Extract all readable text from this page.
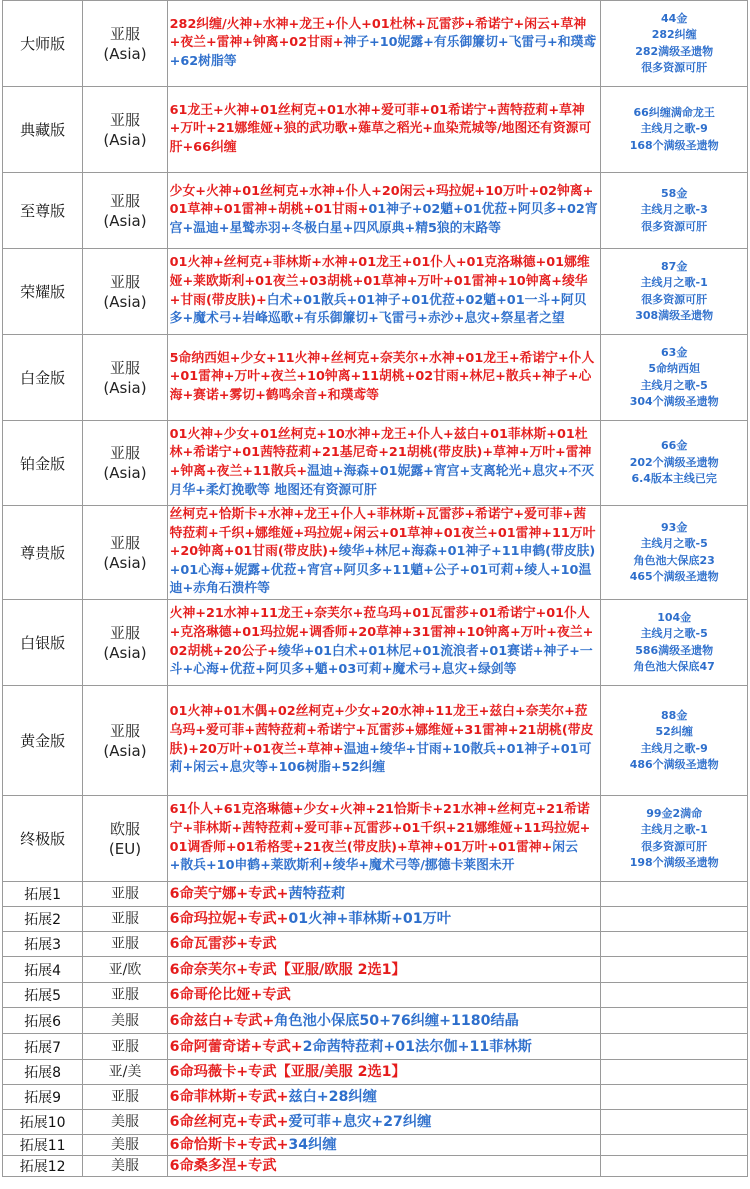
大师版	亚服
(Asia)	282纠缠/火神+水神+龙王+仆人+01杜林+瓦雷莎+希诺宁+闲云+草神+夜兰+雷神+钟离+02甘雨+神子+10妮露+有乐御簾切+飞雷弓+和璞鸢+62树脂等	44金
282纠缠
282满级圣遗物
很多资源可肝

典藏版	亚服
(Asia)	61龙王+火神+01丝柯克+01水神+爱可菲+01希诺宁+茜特菈莉+草神+万叶+21娜维娅+狼的武功歌+薙草之稻光+血染荒城等/地图还有资源可肝+66纠缠	66纠缠满命龙王
主线月之歌-9
168个满级圣遗物

至尊版	亚服
(Asia)	少女+火神+01丝柯克+水神+仆人+20闲云+玛拉妮+10万叶+02钟离+01草神+01雷神+胡桃+01甘雨+01神子+02魈+01优菈+阿贝多+02宵宫+温迪+星鹫赤羽+冬极白星+四风原典+精5狼的末路等	58金
主线月之歌-3
很多资源可肝

荣耀版	亚服
(Asia)	01火神+丝柯克+菲林斯+水神+01龙王+01仆人+01克洛琳德+01娜维娅+莱欧斯利+01夜兰+03胡桃+01草神+万叶+01雷神+10钟离+绫华+甘雨(带皮肤)+白术+01散兵+01神子+01优菈+02魈+01一斗+阿贝多+魔术弓+岩峰巡歌+有乐御簾切+飞雷弓+赤沙+息灾+祭星者之望	87金
主线月之歌-1
很多资源可肝
308满级圣遗物

白金版	亚服
(Asia)	5命纳西妲+少女+11火神+丝柯克+奈芙尔+水神+01龙王+希诺宁+仆人+01雷神+万叶+夜兰+10钟离+11胡桃+02甘雨+林尼+散兵+神子+心海+赛诺+雾切+鹤鸣余音+和璞鸢等	63金
5命纳西妲
主线月之歌-5
304个满级圣遗物

铂金版	亚服
(Asia)	01火神+少女+01丝柯克+10水神+龙王+仆人+兹白+01菲林斯+01杜林+希诺宁+01茜特菈莉+21基尼奇+21胡桃(带皮肤)+草神+万叶+雷神+钟离+夜兰+11散兵+温迪+海森+01妮露+宵宫+支离轮光+息灾+不灭月华+柔灯挽歌等 地图还有资源可肝	66金
202个满级圣遗物
6.4版本主线已完

尊贵版	亚服
(Asia)	丝柯克+恰斯卡+水神+龙王+仆人+菲林斯+瓦雷莎+希诺宁+爱可菲+茜特菈莉+千织+娜维娅+玛拉妮+闲云+01草神+01夜兰+01雷神+11万叶+20钟离+01甘雨(带皮肤)+绫华+林尼+海森+01神子+11申鹤(带皮肤)+01心海+妮露+优菈+宵宫+阿贝多+11魈+公子+01可莉+绫人+10温迪+赤角石溃杵等	93金
主线月之歌-5
角色池大保底23
465个满级圣遗物

白银版	亚服
(Asia)	火神+21水神+11龙王+奈芙尔+菈乌玛+01瓦雷莎+01希诺宁+01仆人+克洛琳德+01玛拉妮+调香师+20草神+31雷神+10钟离+万叶+夜兰+02胡桃+20公子+绫华+01白术+01林尼+01流浪者+01赛诺+神子+一斗+心海+优菈+阿贝多+魈+03可莉+魔术弓+息灾+绿剑等	104金
主线月之歌-5
586满级圣遗物
角色池大保底47

黄金版	亚服
(Asia)	01火神+01木偶+02丝柯克+少女+20水神+11龙王+兹白+奈芙尔+菈乌玛+爱可菲+茜特菈莉+希诺宁+瓦雷莎+娜维娅+31雷神+21胡桃(带皮肤)+20万叶+01夜兰+草神+温迪+绫华+甘雨+10散兵+01神子+01可莉+闲云+息灾等+106树脂+52纠缠	88金
52纠缠
主线月之歌-9
486个满级圣遗物

终极版	欧服
(EU)	61仆人+61克洛琳德+少女+火神+21恰斯卡+21水神+丝柯克+21希诺宁+菲林斯+茜特菈莉+爱可菲+瓦雷莎+01千织+21娜维娅+11玛拉妮+01调香师+01希格雯+21夜兰(带皮肤)+草神+01万叶+01雷神+闲云+散兵+10申鹤+莱欧斯利+绫华+魔术弓等/挪德卡莱图未开	99金2满命
主线月之歌-1
很多资源可肝
198个满级圣遗物

拓展1	亚服	6命芙宁娜+专武+茜特菈莉	
拓展2	亚服	6命玛拉妮+专武+01火神+菲林斯+01万叶	
拓展3	亚服	6命瓦雷莎+专武	
拓展4	亚/欧	6命奈芙尔+专武【亚服/欧服 2选1】	
拓展5	亚服	6命哥伦比娅+专武	
拓展6	美服	6命兹白+专武+角色池小保底50+76纠缠+1180结晶	
拓展7	亚服	6命阿蕾奇诺+专武+2命茜特菈莉+01法尔伽+11菲林斯	
拓展8	亚/美	6命玛薇卡+专武【亚服/美服 2选1】	
拓展9	亚服	6命菲林斯+专武+兹白+28纠缠	
拓展10	美服	6命丝柯克+专武+爱可菲+息灾+27纠缠	
拓展11	美服	6命恰斯卡+专武+34纠缠	
拓展12	美服	6命桑多涅+专武	
